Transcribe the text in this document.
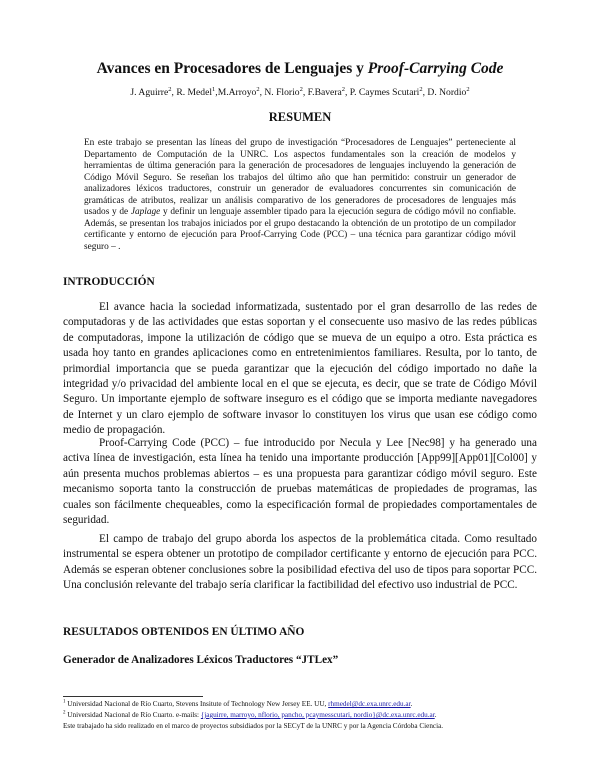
Avances en Procesadores de Lenguajes y Proof-Carrying Code
J. Aguirre$^2$, R. Medel$^1$,M.Arroyo$^2$, N. Florio$^2$, F.Bavera$^2$, P. Caymes Scutari$^2$, D. Nordio$^2$
RESUMEN

En este trabajo se presentan las líneas del grupo de investigación “Procesadores de Lenguajes” perteneciente al Departamento de Computación de la UNRC. Los aspectos fundamentales son la creación de modelos y herramientas de última generación para la generación de procesadores de lenguajes incluyendo la generación de Código Móvil Seguro. Se reseñan los trabajos del último año que han permitido: construir un generador de analizadores léxicos traductores, construir un generador de evaluadores concurrentes sin comunicación de gramáticas de atributos, realizar un análisis comparativo de los generadores de procesadores de lenguajes más usados y de Japlage y definir un lenguaje assembler tipado para la ejecución segura de código móvil no confiable. Además, se presentan los trabajos iniciados por el grupo destacando la obtención de un prototipo de un compilador certificante y entorno de ejecución para Proof-Carrying Code (PCC) – una técnica para garantizar código móvil seguro – .

INTRODUCCIÓN

El avance hacia la sociedad informatizada, sustentado por el gran desarrollo de las redes de computadoras y de las actividades que estas soportan y el consecuente uso masivo de las redes públicas de computadoras, impone la utilización de código que se mueva de un equipo a otro. Esta práctica es usada hoy tanto en grandes aplicaciones como en entretenimientos familiares. Resulta, por lo tanto, de primordial importancia que se pueda garantizar que la ejecución del código importado no dañe la integridad y/o privacidad del ambiente local en el que se ejecuta, es decir, que se trate de Código Móvil Seguro. Un importante ejemplo de software inseguro es el código que se importa mediante navegadores de Internet y un claro ejemplo de software invasor lo constituyen los virus que usan ese código como medio de propagación.

Proof-Carrying Code (PCC) – fue introducido por Necula y Lee [Nec98] y ha generado una activa línea de investigación, esta línea ha tenido una importante producción [App99][App01][Col00] y aún presenta muchos problemas abiertos – es una propuesta para garantizar código móvil seguro. Este mecanismo soporta tanto la construcción de pruebas matemáticas de propiedades de programas, las cuales son fácilmente chequeables, como la especificación formal de propiedades comportamentales de seguridad.

El campo de trabajo del grupo aborda los aspectos de la problemática citada. Como resultado instrumental se espera obtener un prototipo de compilador certificante y entorno de ejecución para PCC. Además se esperan obtener conclusiones sobre la posibilidad efectiva del uso de tipos para soportar PCC. Una conclusión relevante del trabajo sería clarificar la factibilidad del efectivo uso industrial de PCC.

RESULTADOS OBTENIDOS EN ÚLTIMO AÑO
Generador de Analizadores Léxicos Traductores “JTLex”
$^1$ Universidad Nacional de Río Cuarto, Stevens Insitute of Technology New Jersey EE. UU, rhmedel@dc.exa.unrc.edu.ar.
$^2$ Universidad Nacional de Río Cuarto. e-mails: {jaguirre, marroyo, nflorio, pancho, pcaymesscutari, nordio}@dc.exa.unrc.edu.ar.
Este trabajado ha sido realizado en el marco de proyectos subsidiados por la SECyT de la UNRC y por la Agencia Córdoba Ciencia.
